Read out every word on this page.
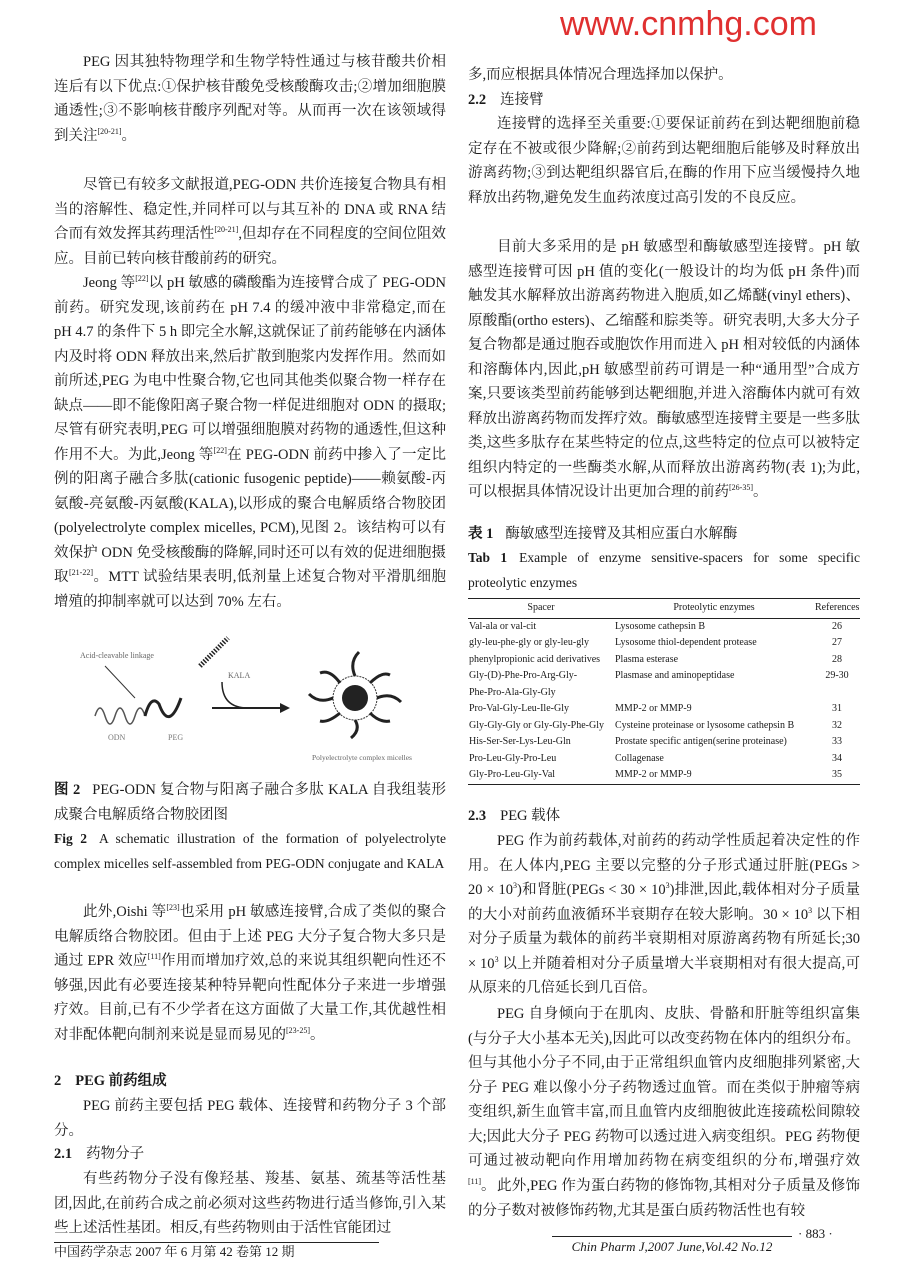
PEG 因其独特物理学和生物学特性通过与核苷酸共价相连后有以下优点:①保护核苷酸免受核酸酶攻击;②增加细胞膜通透性;③不影响核苷酸序列配对等。从而再一次在该领域得到关注[20-21]。

尽管已有较多文献报道,PEG-ODN 共价连接复合物具有相当的溶解性、稳定性,并同样可以与其互补的 DNA 或 RNA 结合而有效发挥其药理活性[20-21],但却存在不同程度的空间位阻效应。目前已转向核苷酸前药的研究。

Jeong 等[22]以 pH 敏感的磷酸酯为连接臂合成了 PEG-ODN 前药。研究发现,该前药在 pH 7.4 的缓冲液中非常稳定,而在 pH 4.7 的条件下 5 h 即完全水解,这就保证了前药能够在内涵体内及时将 ODN 释放出来,然后扩散到胞浆内发挥作用。然而如前所述,PEG 为电中性聚合物,它也同其他类似聚合物一样存在缺点——即不能像阳离子聚合物一样促进细胞对 ODN 的摄取;尽管有研究表明,PEG 可以增强细胞膜对药物的通透性,但这种作用不大。为此,Jeong 等[22]在 PEG-ODN 前药中掺入了一定比例的阳离子融合多肽(cationic fusogenic peptide)——赖氨酸-丙氨酸-亮氨酸-丙氨酸(KALA),以形成的聚合电解质络合物胶团(polyelectrolyte complex micelles, PCM),见图 2。该结构可以有效保护 ODN 免受核酸酶的降解,同时还可以有效的促进细胞摄取[21-22]。MTT 试验结果表明,低剂量上述复合物对平滑肌细胞增殖的抑制率就可以达到 70% 左右。

Acid-cleavable linkage
ODN	PEG
KALA
Polyelectrolyte complex micelles

图 2 PEG-ODN 复合物与阳离子融合多肽 KALA 自我组装形成聚合电解质络合物胶团图

Fig 2 A schematic illustration of the formation of polyelectrolyte complex micelles self-assembled from PEG-ODN conjugate and KALA

此外,Oishi 等[23]也采用 pH 敏感连接臂,合成了类似的聚合电解质络合物胶团。但由于上述 PEG 大分子复合物大多只是通过 EPR 效应[11]作用而增加疗效,总的来说其组织靶向性还不够强,因此有必要连接某种特异靶向性配体分子来进一步增强疗效。目前,已有不少学者在这方面做了大量工作,其优越性相对非配体靶向制剂来说是显而易见的[23-25]。

2 PEG 前药组成

PEG 前药主要包括 PEG 载体、连接臂和药物分子 3 个部分。

2.1 药物分子

有些药物分子没有像羟基、羧基、氨基、巯基等活性基团,因此,在前药合成之前必须对这些药物进行适当修饰,引入某些上述活性基团。相反,有些药物则由于活性官能团过

中国药学杂志 2007 年 6 月第 42 卷第 12 期

多,而应根据具体情况合理选择加以保护。

2.2 连接臂

连接臂的选择至关重要:①要保证前药在到达靶细胞前稳定存在不被或很少降解;②前药到达靶细胞后能够及时释放出游离药物;③到达靶组织器官后,在酶的作用下应当缓慢持久地释放出药物,避免发生血药浓度过高引发的不良反应。

目前大多采用的是 pH 敏感型和酶敏感型连接臂。pH 敏感型连接臂可因 pH 值的变化(一般设计的均为低 pH 条件)而触发其水解释放出游离药物进入胞质,如乙烯醚(vinyl ethers)、原酸酯(ortho esters)、乙缩醛和腙类等。研究表明,大多大分子复合物都是通过胞吞或胞饮作用而进入 pH 相对较低的内涵体和溶酶体内,因此,pH 敏感型前药可谓是一种“通用型”合成方案,只要该类型前药能够到达靶细胞,并进入溶酶体内就可有效释放出游离药物而发挥疗效。酶敏感型连接臂主要是一些多肽类,这些多肽存在某些特定的位点,这些特定的位点可以被特定组织内特定的一些酶类水解,从而释放出游离药物(表 1);为此,可以根据具体情况设计出更加合理的前药[26-35]。

表 1 酶敏感型连接臂及其相应蛋白水解酶

Tab 1 Example of enzyme sensitive-spacers for some specific proteolytic enzymes

Spacer	Proteolytic enzymes	References
Val-ala or val-cit	Lysosome cathepsin B	26
gly-leu-phe-gly or gly-leu-gly	Lysosome thiol-dependent protease	27
phenylpropionic acid derivatives	Plasma esterase	28
Gly-(D)-Phe-Pro-Arg-Gly-	Plasmase and aminopeptidase	29-30
Phe-Pro-Ala-Gly-Gly		
Pro-Val-Gly-Leu-Ile-Gly	MMP-2 or MMP-9	31
Gly-Gly-Gly or Gly-Gly-Phe-Gly	Cysteine proteinase or lysosome cathepsin B	32
His-Ser-Ser-Lys-Leu-Gln	Prostate specific antigen(serine proteinase)	33
Pro-Leu-Gly-Pro-Leu	Collagenase	34
Gly-Pro-Leu-Gly-Val	MMP-2 or MMP-9	35

2.3 PEG 载体

PEG 作为前药载体,对前药的药动学性质起着决定性的作用。在人体内,PEG 主要以完整的分子形式通过肝脏(PEGs > $20 \times 10^3$)和肾脏(PEGs < $30 \times 10^3$)排泄,因此,载体相对分子质量的大小对前药血液循环半衰期存在较大影响。$30 \times 10^3$ 以下相对分子质量为载体的前药半衰期相对原游离药物有所延长;30 × $10^3$ 以上并随着相对分子质量增大半衰期相对有很大提高,可从原来的几倍延长到几百倍。

PEG 自身倾向于在肌肉、皮肤、骨骼和肝脏等组织富集(与分子大小基本无关),因此可以改变药物在体内的组织分布。但与其他小分子不同,由于正常组织血管内皮细胞排列紧密,大分子 PEG 难以像小分子药物透过血管。而在类似于肿瘤等病变组织,新生血管丰富,而且血管内皮细胞彼此连接疏松间隙较大;因此大分子 PEG 药物可以透过进入病变组织。PEG 药物便可通过被动靶向作用增加药物在病变组织的分布,增强疗效[11]。 此外,PEG 作为蛋白药物的修饰物,其相对分子质量及修饰的分子数对被修饰药物,尤其是蛋白质药物活性也有较

Chin Pharm J,2007 June,Vol.42 No.12
· 883 ·
www.cnmhg.com
